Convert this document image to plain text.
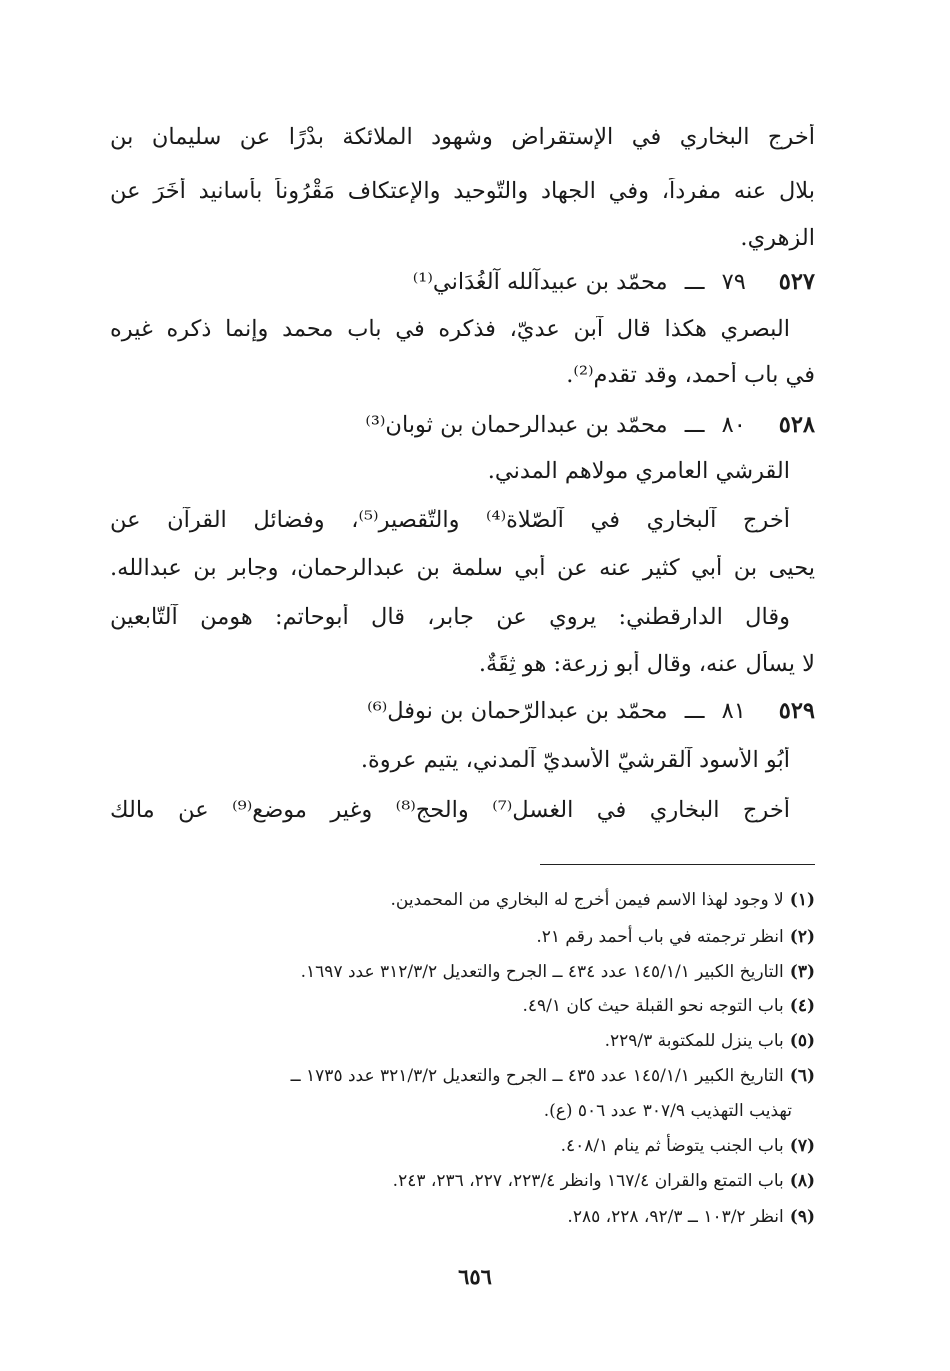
أخرج البخاري في الإستقراض وشهود الملائكة بدْرًا عن سليمان بن
بلال عنه مفرداً، وفي الجهاد والتّوحيد والإعتكاف مَقْرُوناً بأسانيد أُخَرَ عن
الزهري.
٥٢٧ ٧٩ ـــ محمّد بن عبيدآلله آلغُدَاني⁽¹⁾
البصري هكذا قال آبن عديّ، فذكره في باب محمد وإنما ذكره غيره
في باب أحمد، وقد تقدم⁽²⁾.
٥٢٨ ٨٠ ـــ محمّد بن عبدالرحمان بن ثوبان⁽³⁾
القرشي العامري مولاهم المدني.
أخرج آلبخاري في آلصّلاة⁽⁴⁾ والتّقصير⁽⁵⁾، وفضائل القرآن عن
يحيى بن أبي كثير عنه عن أبي سلمة بن عبدالرحمان، وجابر بن عبدالله.
وقال الدارقطني: يروي عن جابر، قال أبوحاتم: هومن آلتّابعين
لا يسأل عنه، وقال أبو زرعة: هو ثِقَةٌ.
٥٢٩ ٨١ ـــ محمّد بن عبدالرّحمان بن نوفل⁽⁶⁾
أَبُو الأسود آلقرشيّ الأسديّ آلمدني، يتيم عروة.
أخرج البخاري في الغسل⁽⁷⁾ والحج⁽⁸⁾ وغير موضع⁽⁹⁾ عن مالك
(١)لا وجود لهذا الاسم فيمن أخرج له البخاري من المحمدين.
(٢)انظر ترجمته في باب أحمد رقم ٢١.
(٣)التاريخ الكبير ١٤٥/١/١ عدد ٤٣٤ ــ الجرح والتعديل ٣١٢/٣/٢ عدد ١٦٩٧.
(٤)باب التوجه نحو القبلة حيث كان ٤٩/١.
(٥)باب ينزل للمكتوبة ٢٢٩/٣.
(٦)التاريخ الكبير ١٤٥/١/١ عدد ٤٣٥ ــ الجرح والتعديل ٣٢١/٣/٢ عدد ١٧٣٥ ــ
تهذيب التهذيب ٣٠٧/٩ عدد ٥٠٦ (ع).
(٧)باب الجنب يتوضأ ثم ينام ٤٠٨/١.
(٨)باب التمتع والقران ١٦٧/٤ وانظر ٢٢٣/٤، ٢٢٧، ٢٣٦، ٢٤٣.
(٩)انظر ١٠٣/٢ ــ ٩٢/٣، ٢٢٨، ٢٨٥.
٦٥٦
